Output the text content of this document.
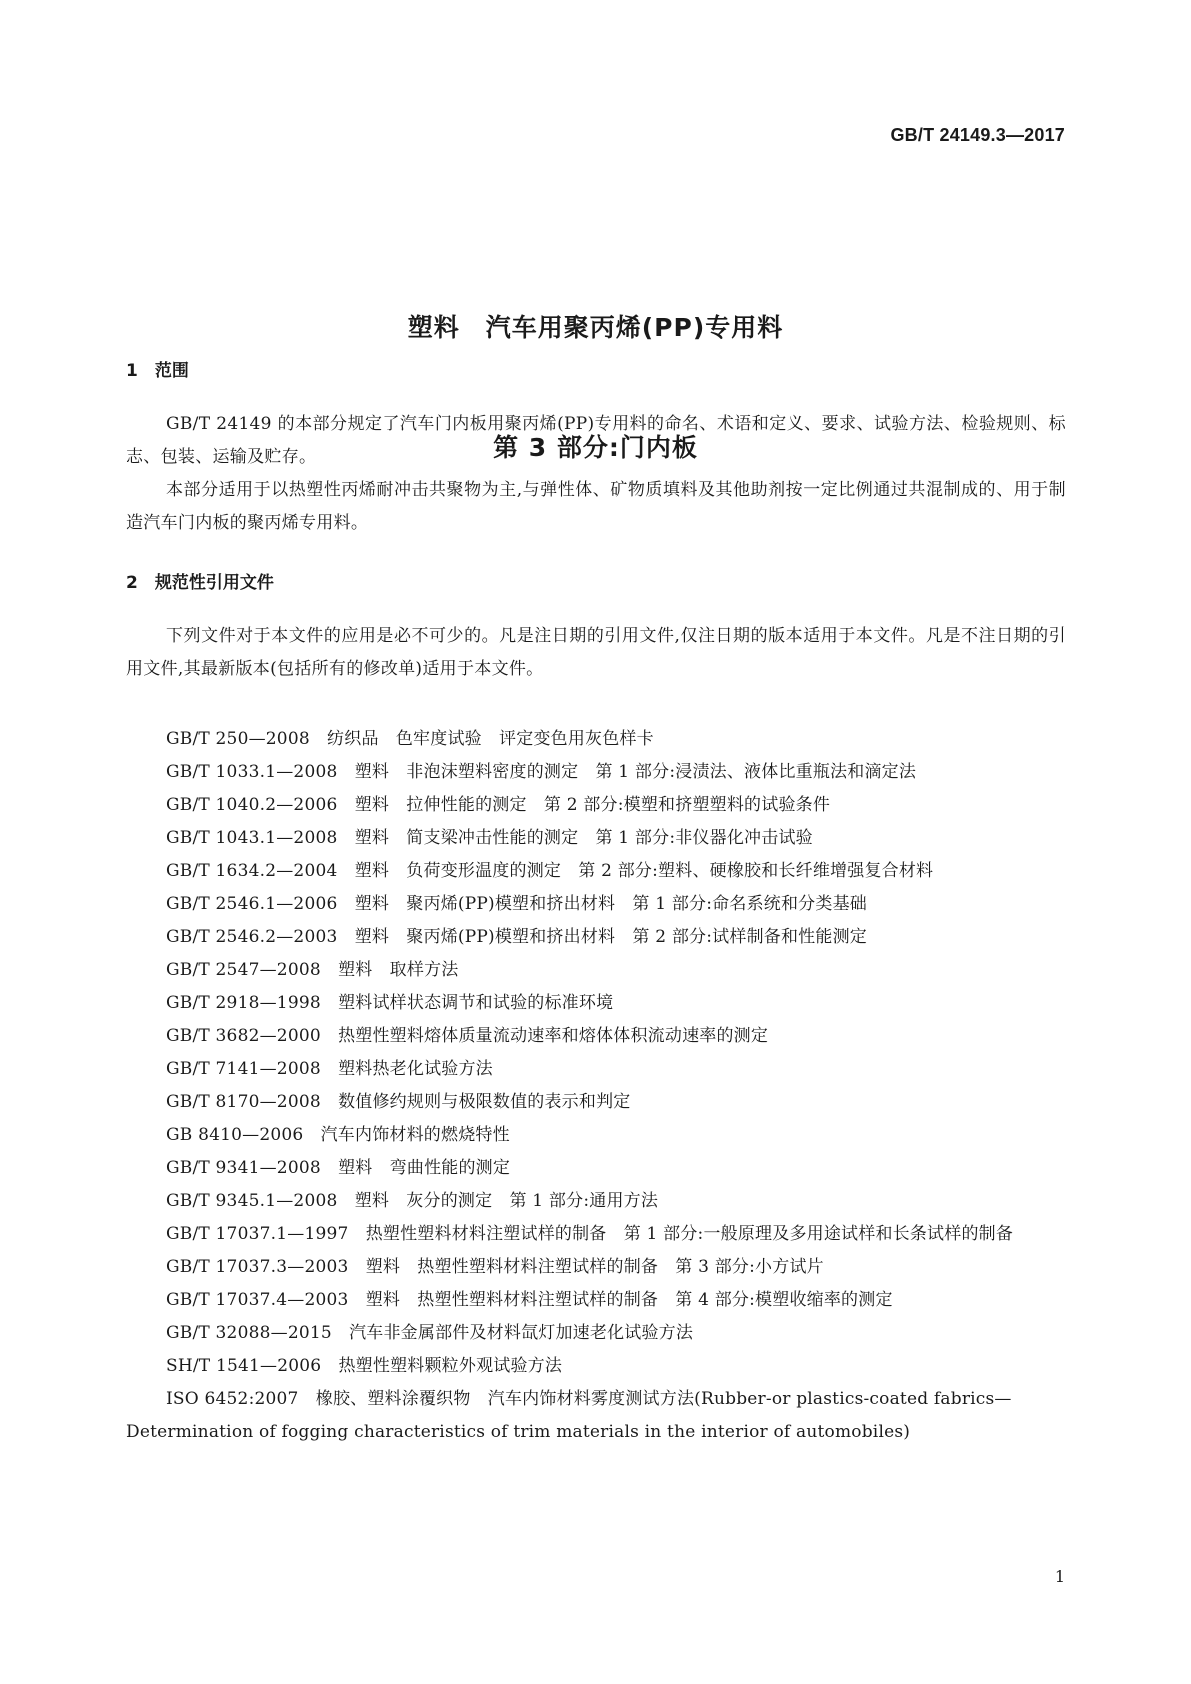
GB/T 24149.3—2017

塑料　汽车用聚丙烯(PP)专用料

第 3 部分:门内板

1　范围
GB/T 24149 的本部分规定了汽车门内板用聚丙烯(PP)专用料的命名、术语和定义、要求、试验方法、检验规则、标志、包装、运输及贮存。
本部分适用于以热塑性丙烯耐冲击共聚物为主,与弹性体、矿物质填料及其他助剂按一定比例通过共混制成的、用于制造汽车门内板的聚丙烯专用料。
2　规范性引用文件
下列文件对于本文件的应用是必不可少的。凡是注日期的引用文件,仅注日期的版本适用于本文件。凡是不注日期的引用文件,其最新版本(包括所有的修改单)适用于本文件。
GB/T 250—2008　纺织品　色牢度试验　评定变色用灰色样卡
GB/T 1033.1—2008　塑料　非泡沫塑料密度的测定　第 1 部分:浸渍法、液体比重瓶法和滴定法
GB/T 1040.2—2006　塑料　拉伸性能的测定　第 2 部分:模塑和挤塑塑料的试验条件
GB/T 1043.1—2008　塑料　简支梁冲击性能的测定　第 1 部分:非仪器化冲击试验
GB/T 1634.2—2004　塑料　负荷变形温度的测定　第 2 部分:塑料、硬橡胶和长纤维增强复合材料
GB/T 2546.1—2006　塑料　聚丙烯(PP)模塑和挤出材料　第 1 部分:命名系统和分类基础
GB/T 2546.2—2003　塑料　聚丙烯(PP)模塑和挤出材料　第 2 部分:试样制备和性能测定
GB/T 2547—2008　塑料　取样方法
GB/T 2918—1998　塑料试样状态调节和试验的标准环境
GB/T 3682—2000　热塑性塑料熔体质量流动速率和熔体体积流动速率的测定
GB/T 7141—2008　塑料热老化试验方法
GB/T 8170—2008　数值修约规则与极限数值的表示和判定
GB 8410—2006　汽车内饰材料的燃烧特性
GB/T 9341—2008　塑料　弯曲性能的测定
GB/T 9345.1—2008　塑料　灰分的测定　第 1 部分:通用方法
GB/T 17037.1—1997　热塑性塑料材料注塑试样的制备　第 1 部分:一般原理及多用途试样和长条试样的制备
GB/T 17037.3—2003　塑料　热塑性塑料材料注塑试样的制备　第 3 部分:小方试片
GB/T 17037.4—2003　塑料　热塑性塑料材料注塑试样的制备　第 4 部分:模塑收缩率的测定
GB/T 32088—2015　汽车非金属部件及材料氙灯加速老化试验方法
SH/T 1541—2006　热塑性塑料颗粒外观试验方法
ISO 6452:2007　橡胶、塑料涂覆织物　汽车内饰材料雾度测试方法(Rubber-or plastics-coated fabrics—Determination of fogging characteristics of trim materials in the interior of automobiles)
1
